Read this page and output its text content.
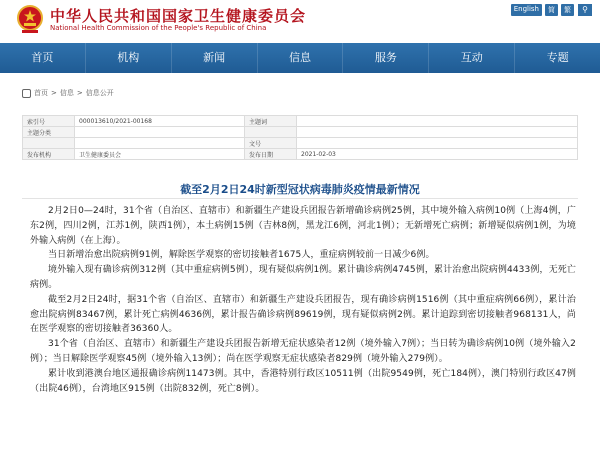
中华人民共和国国家卫生健康委员会
National Health Commission of the People's Republic of China
English	简	繁	⚲
首页	机构	新闻	信息	服务	互动	专题
首页 > 信息 > 信息公开
索引号	000013610/2021-00168	主题词	
主题分类			
		文号	
发布机构	卫生健康委员会	发布日期	2021-02-03
截至2月2日24时新型冠状病毒肺炎疫情最新情况

2月2日0—24时，31个省（自治区、直辖市）和新疆生产建设兵团报告新增确诊病例25例，其中境外输入病例10例（上海4例，广东2例，四川2例，江苏1例，陕西1例），本土病例15例（吉林8例，黑龙江6例，河北1例）；无新增死亡病例；新增疑似病例1例，为境外输入病例（在上海）。

当日新增治愈出院病例91例，解除医学观察的密切接触者1675人，重症病例较前一日减少6例。

境外输入现有确诊病例312例（其中重症病例5例），现有疑似病例1例。累计确诊病例4745例，累计治愈出院病例4433例，无死亡病例。

截至2月2日24时，据31个省（自治区、直辖市）和新疆生产建设兵团报告，现有确诊病例1516例（其中重症病例66例），累计治愈出院病例83467例，累计死亡病例4636例，累计报告确诊病例89619例，现有疑似病例2例。累计追踪到密切接触者968131人，尚在医学观察的密切接触者36360人。

31个省（自治区、直辖市）和新疆生产建设兵团报告新增无症状感染者12例（境外输入7例）；当日转为确诊病例10例（境外输入2例）；当日解除医学观察45例（境外输入13例）；尚在医学观察无症状感染者829例（境外输入279例）。

累计收到港澳台地区通报确诊病例11473例。其中，香港特别行政区10511例（出院9549例，死亡184例），澳门特别行政区47例（出院46例），台湾地区915例（出院832例，死亡8例）。
